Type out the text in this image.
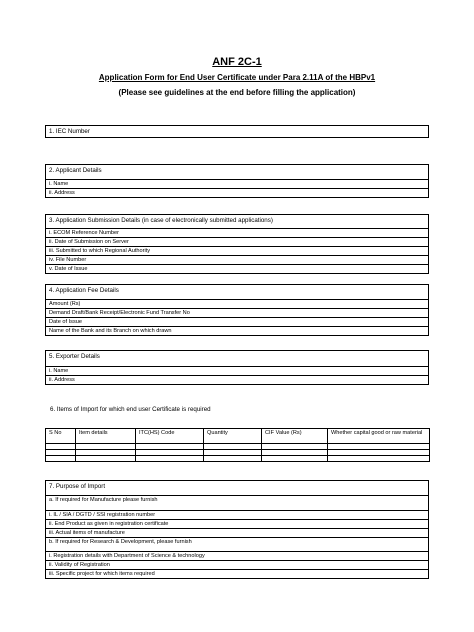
ANF 2C-1
Application Form for End User Certificate under Para 2.11A of the HBPv1
(Please see guidelines at the end before filling the application)
1. IEC Number
2. Applicant Details
i. Name
ii. Address
3. Application Submission Details (in case of electronically submitted applications)
i. ECOM Reference Number
ii. Date of Submission on Server
iii. Submitted to which Regional Authority
iv. File Number
v. Date of Issue
4. Application Fee Details
Amount (Rs)
Demand Draft/Bank Receipt/Electronic Fund Transfer No
Date of Issue
Name of the Bank and its Branch on which drawn
5. Exporter Details
i. Name
ii. Address
6. Items of Import for which end user Certificate is required
S No	Item details	ITC(HS) Code	Quantity	CIF Value (Rs)	Whether capital good or raw material

7. Purpose of Import
a. If required for Manufacture please furnish
i. IL / SIA / DGTD / SSI registration number
ii. End Product as given in registration certificate
iii. Actual items of manufacture
b. If required for Research & Development, please furnish
i. Registration details with Department of Science & technology
ii. Validity of Registration
iii. Specific project for which items required
